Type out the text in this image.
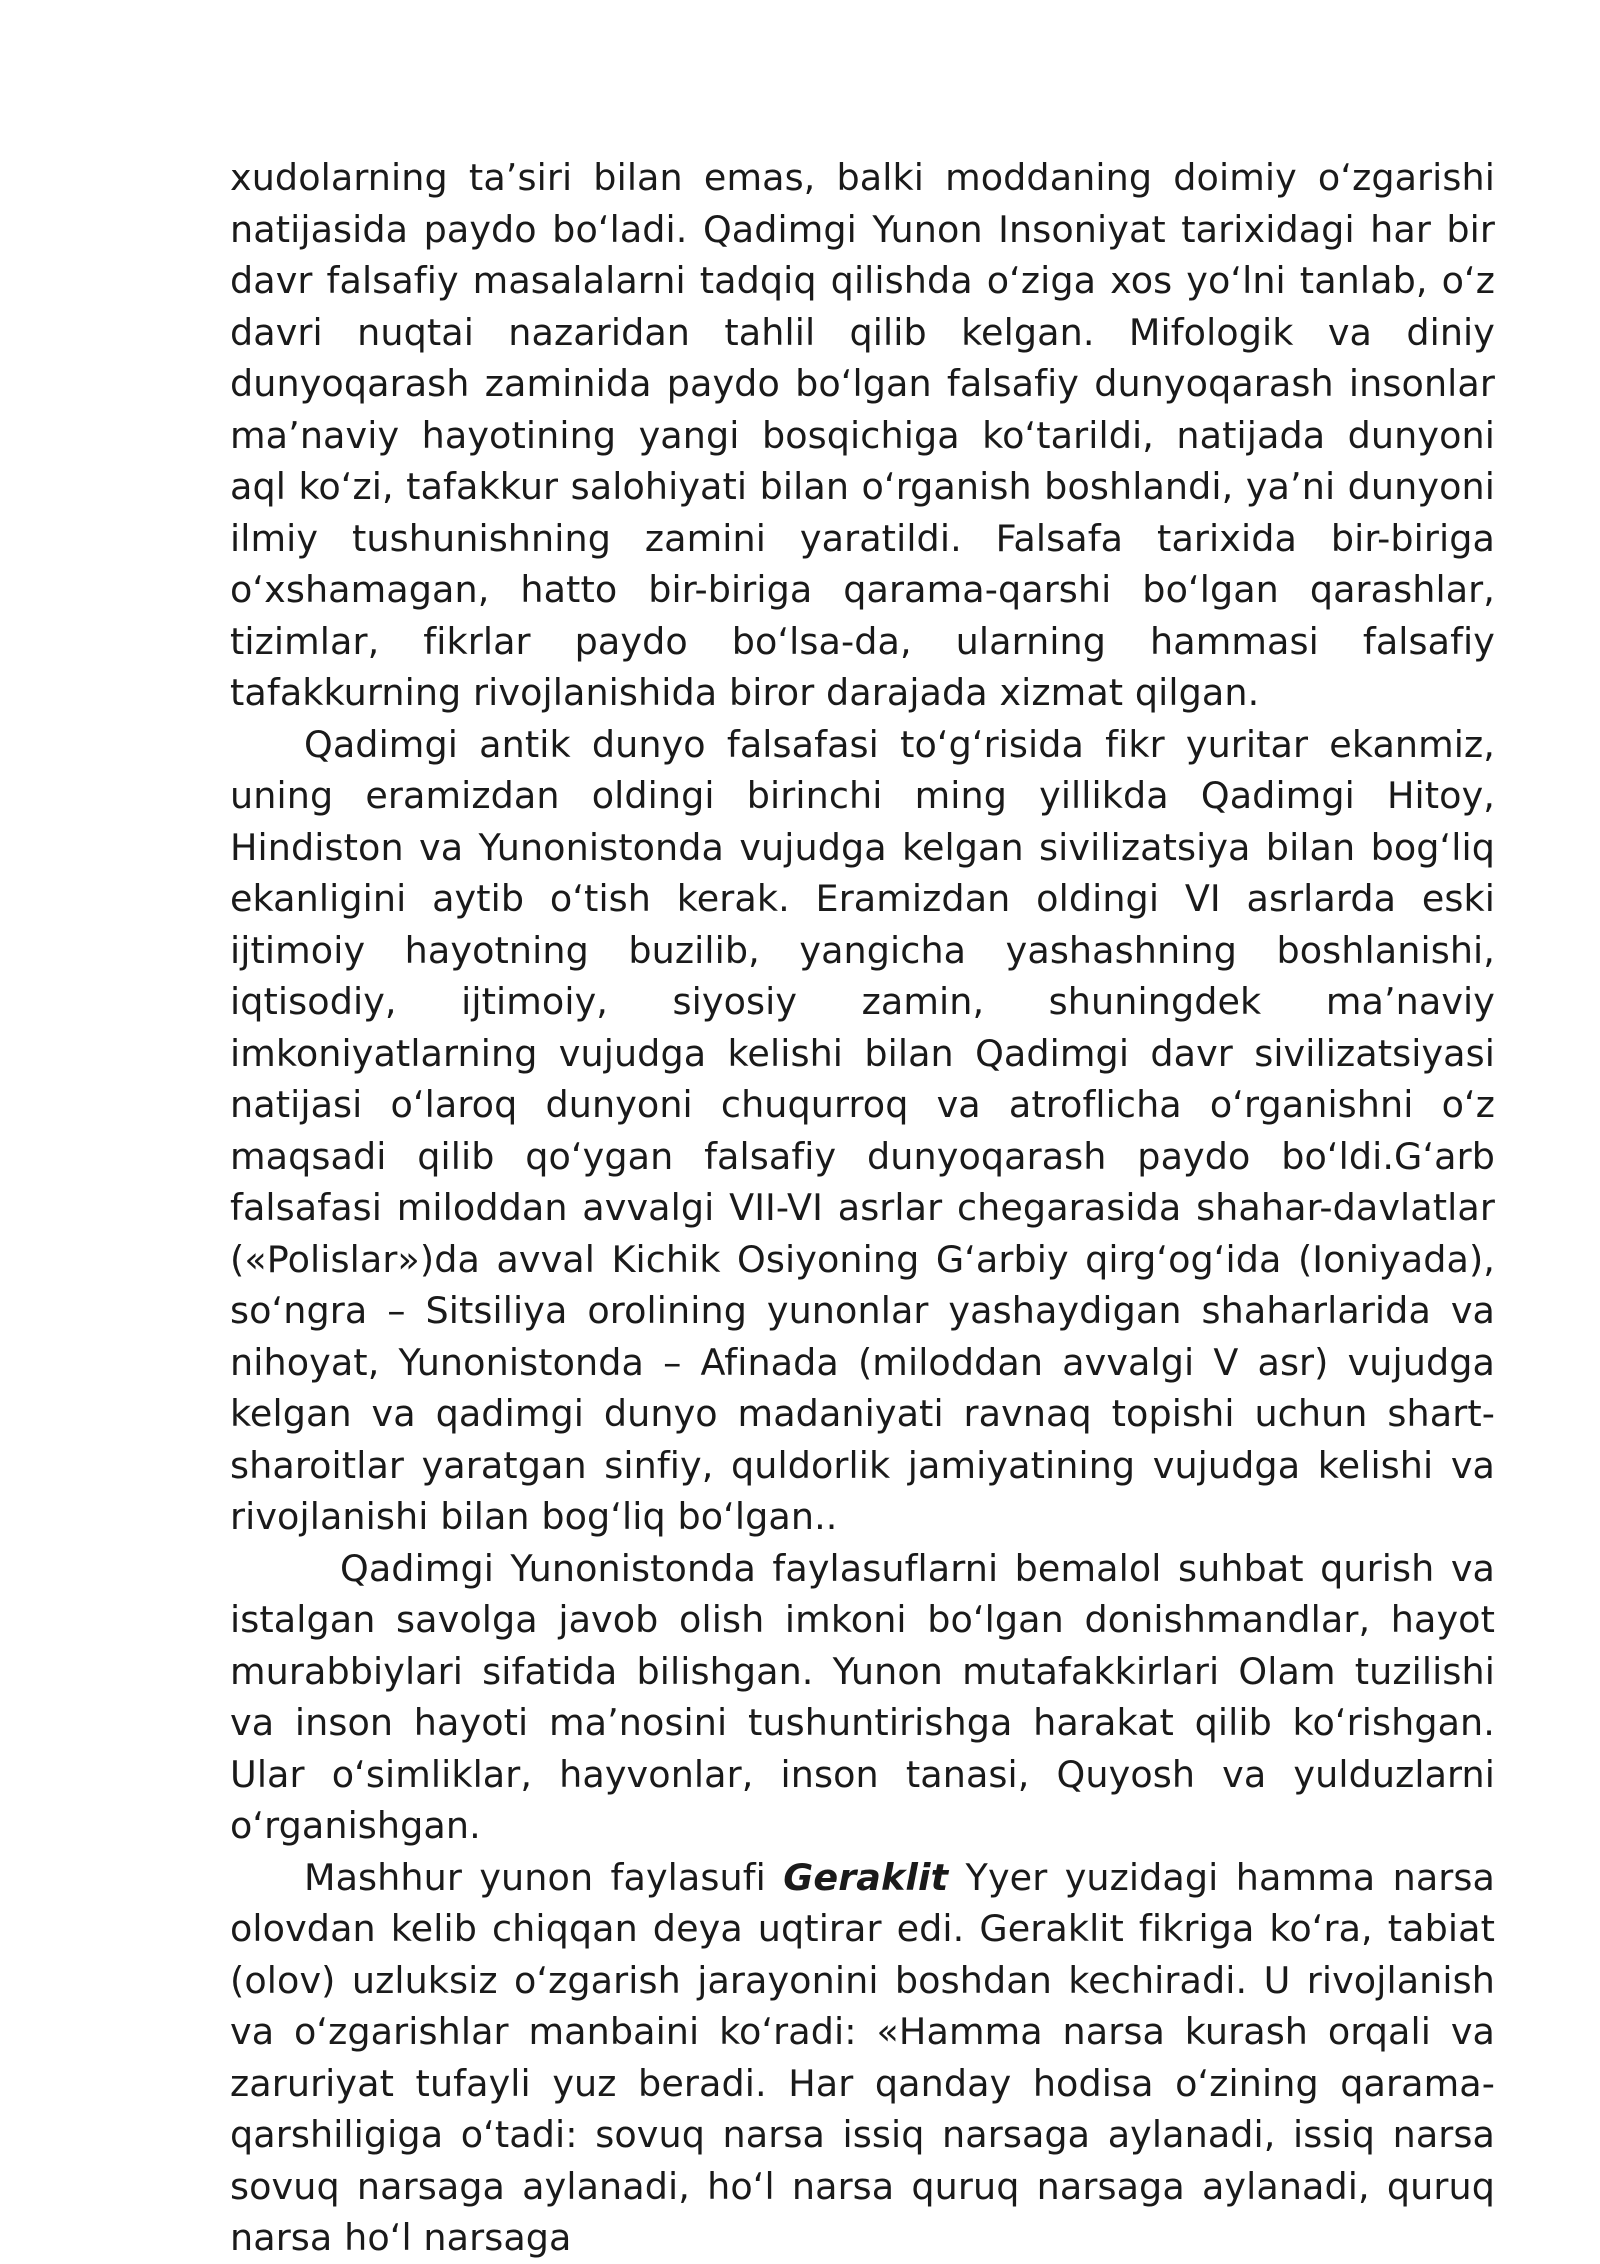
xudolarning ta’siri bilan emas, balki moddaning doimiy o‘zgarishi natijasida paydo bo‘ladi. Qadimgi Yunon Insoniyat tarixidagi har bir davr falsafiy masalalarni tadqiq qilishda o‘ziga xos yo‘lni tanlab, o‘z davri nuqtai nazaridan tahlil qilib kelgan. Mifologik va diniy dunyoqarash zaminida paydo bo‘lgan falsafiy dunyoqarash insonlar ma’naviy hayotining yangi bosqichiga ko‘tarildi, natijada dunyoni aql ko‘zi, tafakkur salohiyati bilan o‘rganish boshlandi, ya’ni dunyoni ilmiy tushunishning zamini yaratildi. Falsafa tarixida bir-biriga o‘xshamagan, hatto bir-biriga qarama-qarshi bo‘lgan qarashlar, tizimlar, fikrlar paydo bo‘lsa-da, ularning hammasi falsafiy tafakkurning rivojlanishida biror darajada xizmat qilgan.

Qadimgi antik dunyo falsafasi to‘g‘risida fikr yuritar ekanmiz, uning eramizdan oldingi birinchi ming yillikda Qadimgi Hitoy, Hindiston va Yunonistonda vujudga kelgan sivilizatsiya bilan bog‘liq ekanligini aytib o‘tish kerak. Eramizdan oldingi VI asrlarda eski ijtimoiy hayotning buzilib, yangicha yashashning boshlanishi, iqtisodiy, ijtimoiy, siyosiy zamin, shuningdek ma’naviy imkoniyatlarning vujudga kelishi bilan Qadimgi davr sivilizatsiyasi natijasi o‘laroq dunyoni chuqurroq va atroflicha o‘rganishni o‘z maqsadi qilib qo‘ygan falsafiy dunyoqarash paydo bo‘ldi.G‘arb falsafasi miloddan avvalgi VII-VI asrlar chegarasida shahar-davlatlar («Polislar»)da avval Kichik Osiyoning G‘arbiy qirg‘og‘ida (Ioniyada), so‘ngra – Sitsiliya orolining yunonlar yashaydigan shaharlarida va nihoyat, Yunonistonda – Afinada (miloddan avvalgi V asr) vujudga kelgan va qadimgi dunyo madaniyati ravnaq topishi uchun shart-sharoitlar yaratgan sinfiy, quldorlik jamiyatining vujudga kelishi va rivojlanishi bilan bog‘liq bo‘lgan..

Qadimgi Yunonistonda faylasuflarni bemalol suhbat qurish va istalgan savolga javob olish imkoni bo‘lgan donishmandlar, hayot murabbiylari sifatida bilishgan. Yunon mutafakkirlari Olam tuzilishi va inson hayoti ma’nosini tushuntirishga harakat qilib ko‘rishgan. Ular o‘simliklar, hayvonlar, inson tanasi, Quyosh va yulduzlarni o‘rganishgan.

Mashhur yunon faylasufi Geraklit Yyer yuzidagi hamma narsa olovdan kelib chiqqan deya uqtirar edi. Geraklit fikriga ko‘ra, tabiat (olov) uzluksiz o‘zgarish jarayonini boshdan kechiradi. U rivojlanish va o‘zgarishlar manbaini ko‘radi: «Hamma narsa kurash orqali va zaruriyat tufayli yuz beradi. Har qanday hodisa o‘zining qarama-qarshiligiga o‘tadi: sovuq narsa issiq narsaga aylanadi, issiq narsa sovuq narsaga aylanadi, ho‘l narsa quruq narsaga aylanadi, quruq narsa ho‘l narsaga
